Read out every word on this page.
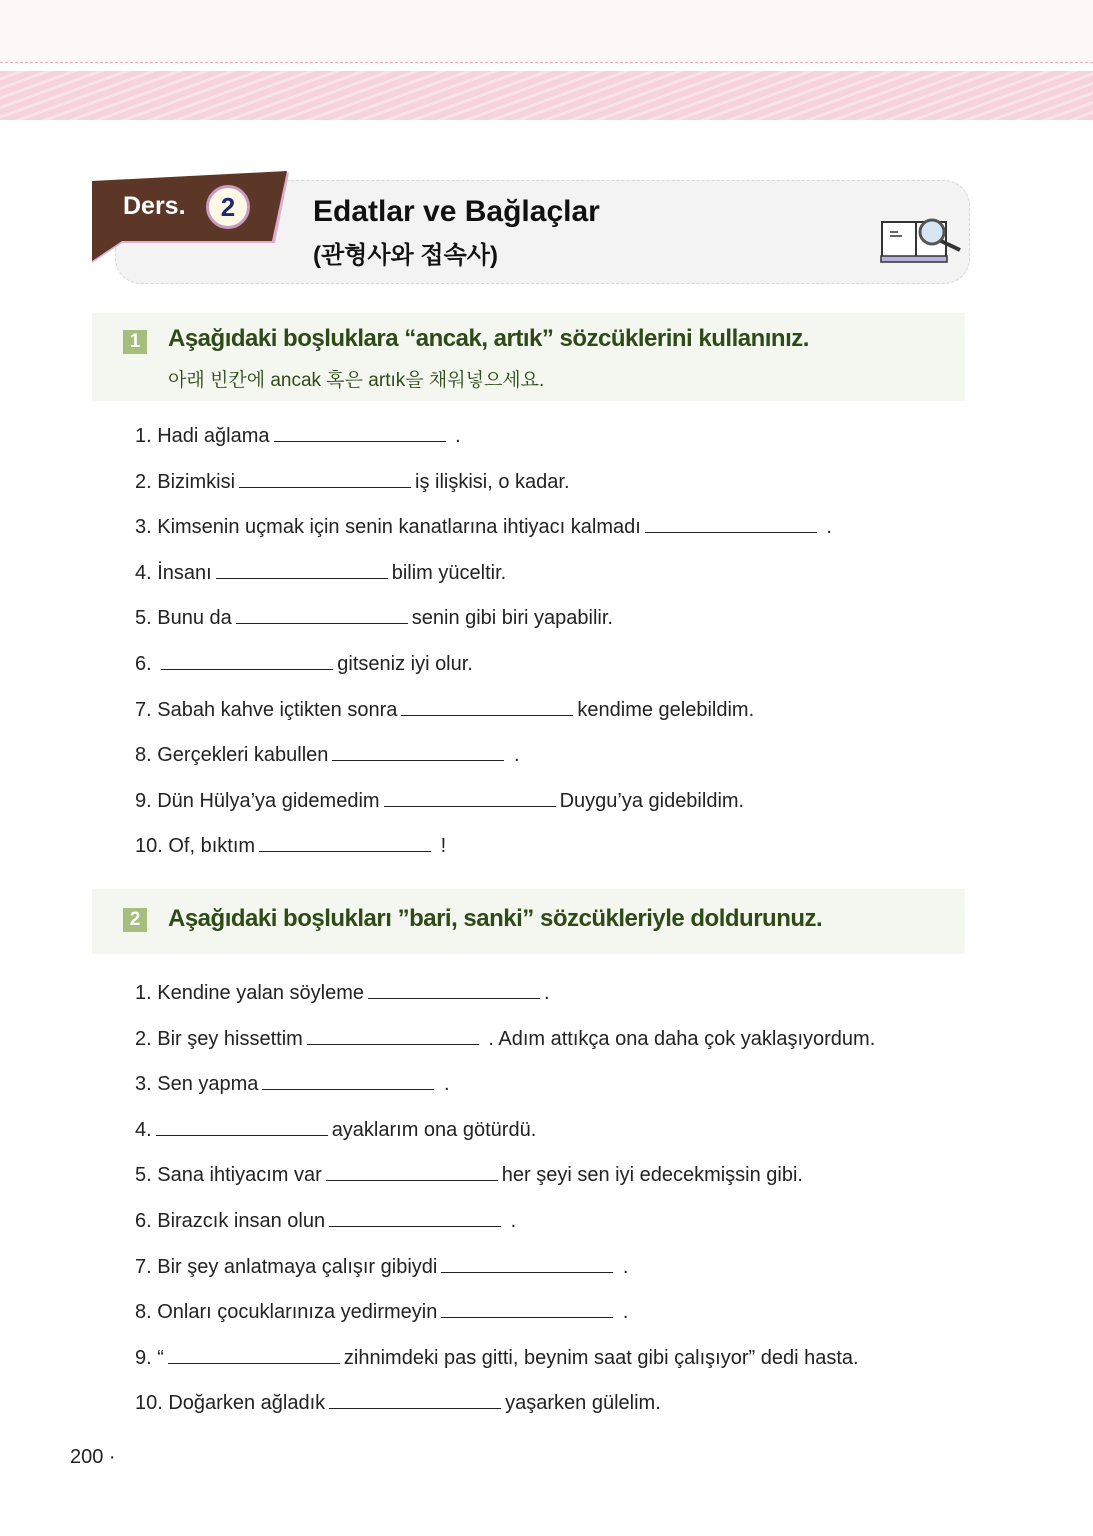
Ders.	2	Edatlar ve Bağlaçlar
(관형사와 접속사)
1 Aşağıdaki boşluklara “ancak, artık” sözcüklerini kullanınız.
아래 빈칸에 ancak 혹은 artık을 채워넣으세요.
1. Hadi ağlama	.
2. Bizimkisi	iş ilişkisi, o kadar.
3. Kimsenin uçmak için senin kanatlarına ihtiyacı kalmadı	.
4. İnsanı	bilim yüceltir.
5. Bunu da	senin gibi biri yapabilir.
6.	gitseniz iyi olur.
7. Sabah kahve içtikten sonra	kendime gelebildim.
8. Gerçekleri kabullen	.
9. Dün Hülya’ya gidemedim	Duygu’ya gidebildim.
10. Of, bıktım	!
2 Aşağıdaki boşlukları ”bari, sanki” sözcükleriyle doldurunuz.
1. Kendine yalan söyleme	.
2. Bir şey hissettim	. Adım attıkça ona daha çok yaklaşıyordum.
3. Sen yapma	.
4.	ayaklarım ona götürdü.
5. Sana ihtiyacım var	her şeyi sen iyi edecekmişsin gibi.
6. Birazcık insan olun	.
7. Bir şey anlatmaya çalışır gibiydi	.
8. Onları çocuklarınıza yedirmeyin	.
9. “	zihnimdeki pas gitti, beynim saat gibi çalışıyor” dedi hasta.
10. Doğarken ağladık	yaşarken gülelim.
200 ·
